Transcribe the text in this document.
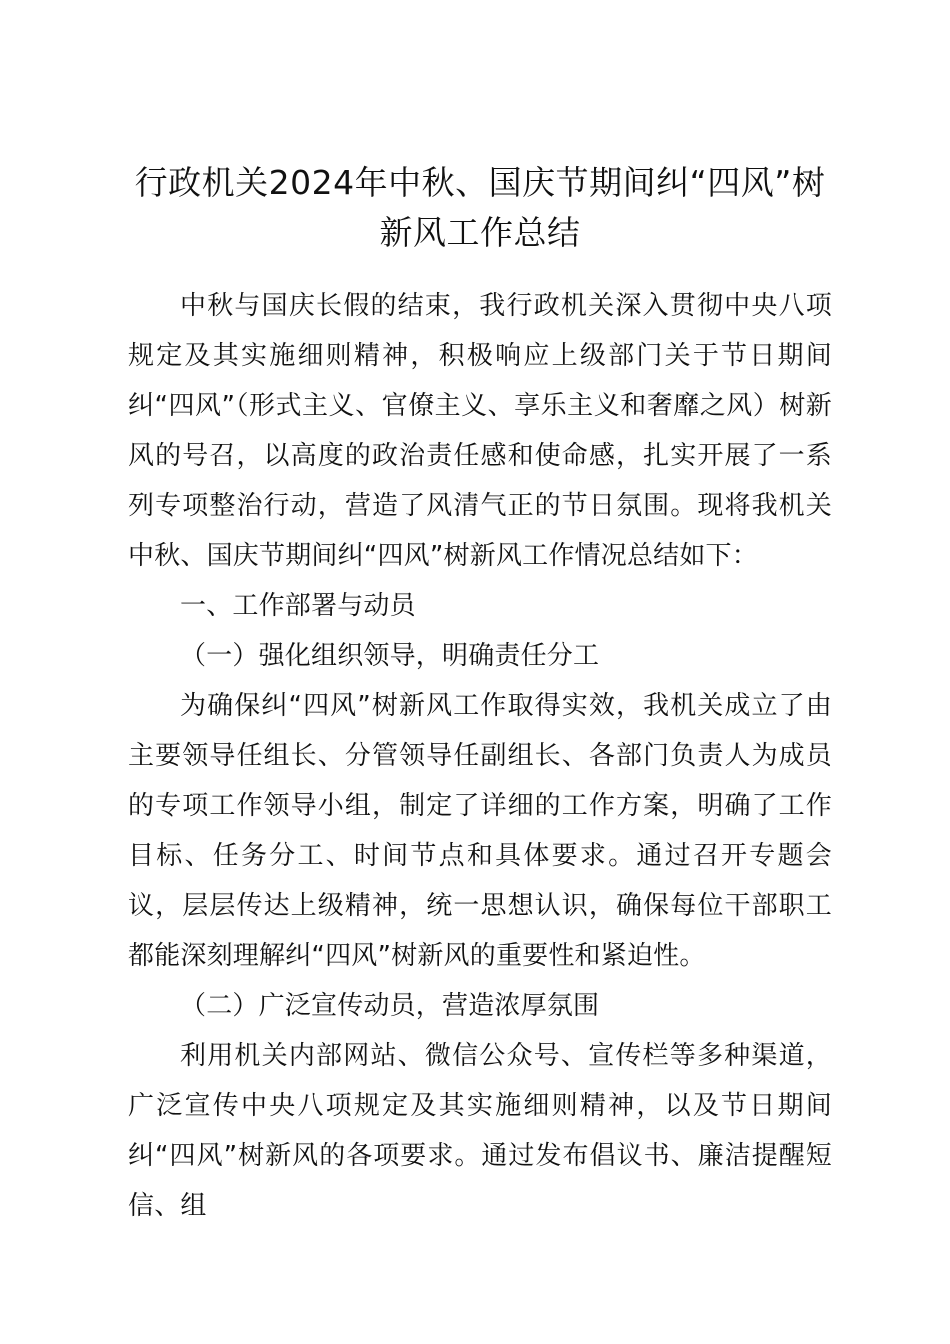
行政机关2024年中秋、国庆节期间纠“四风”树新风工作总结

中秋与国庆长假的结束，我行政机关深入贯彻中央八项规定及其实施细则精神，积极响应上级部门关于节日期间纠“四风”（形式主义、官僚主义、享乐主义和奢靡之风）树新风的号召，以高度的政治责任感和使命感，扎实开展了一系列专项整治行动，营造了风清气正的节日氛围。现将我机关中秋、国庆节期间纠“四风”树新风工作情况总结如下：

一、工作部署与动员

（一）强化组织领导，明确责任分工

为确保纠“四风”树新风工作取得实效，我机关成立了由主要领导任组长、分管领导任副组长、各部门负责人为成员的专项工作领导小组，制定了详细的工作方案，明确了工作目标、任务分工、时间节点和具体要求。通过召开专题会议，层层传达上级精神，统一思想认识，确保每位干部职工都能深刻理解纠“四风”树新风的重要性和紧迫性。

（二）广泛宣传动员，营造浓厚氛围

利用机关内部网站、微信公众号、宣传栏等多种渠道，广泛宣传中央八项规定及其实施细则精神，以及节日期间纠“四风”树新风的各项要求。通过发布倡议书、廉洁提醒短信、组
